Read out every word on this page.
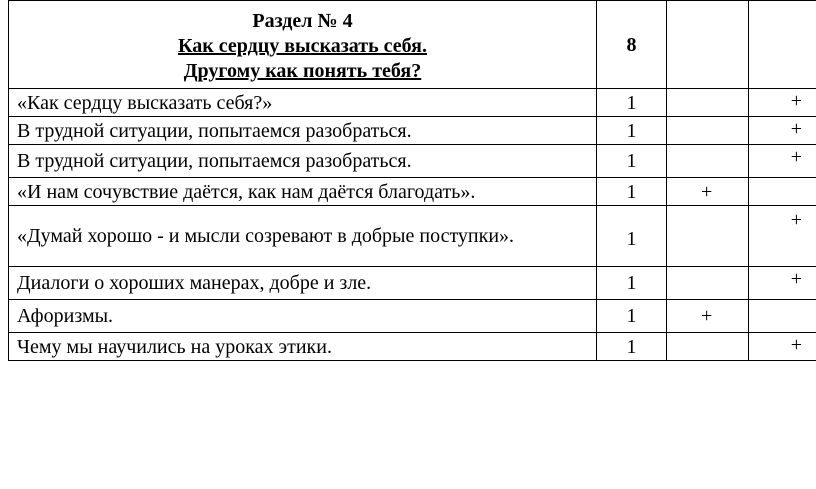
Раздел № 4
Как сердцу высказать себя.
Другому как понять тебя?	8		
«Как сердцу высказать себя?»	1		+
В трудной ситуации, попытаемся разобраться.	1		+
В трудной ситуации, попытаемся разобраться.	1		+
«И нам сочувствие даётся, как нам даётся благодать».	1	+	
«Думай хорошо - и мысли созревают в добрые поступки».	1		+
Диалоги о хороших манерах, добре и зле.	1		+
Афоризмы.	1	+	
Чему мы научились на уроках этики.	1		+
